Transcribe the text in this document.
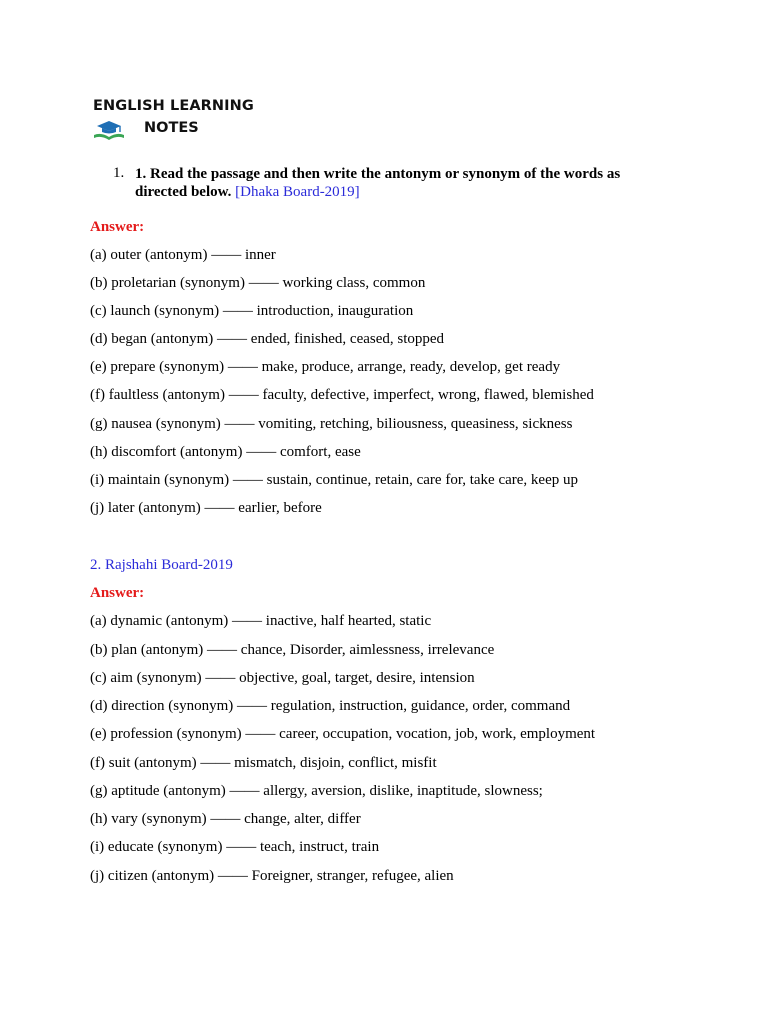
ENGLISH LEARNING
NOTES
1. 1. Read the passage and then write the antonym or synonym of the words as directed below. [Dhaka Board-2019]
Answer:
(a) outer (antonym) —— inner
(b) proletarian (synonym) —— working class, common
(c) launch (synonym) —— introduction, inauguration
(d) began (antonym) —— ended, finished, ceased, stopped
(e) prepare (synonym) —— make, produce, arrange, ready, develop, get ready
(f) faultless (antonym) —— faculty, defective, imperfect, wrong, flawed, blemished
(g) nausea (synonym) —— vomiting, retching, biliousness, queasiness, sickness
(h) discomfort (antonym) —— comfort, ease
(i) maintain (synonym) —— sustain, continue, retain, care for, take care, keep up
(j) later (antonym) —— earlier, before
2. Rajshahi Board-2019
Answer:
(a) dynamic (antonym) —— inactive, half hearted, static
(b) plan (antonym) —— chance, Disorder, aimlessness, irrelevance
(c) aim (synonym) —— objective, goal, target, desire, intension
(d) direction (synonym) —— regulation, instruction, guidance, order, command
(e) profession (synonym) —— career, occupation, vocation, job, work, employment
(f) suit (antonym) —— mismatch, disjoin, conflict, misfit
(g) aptitude (antonym) —— allergy, aversion, dislike, inaptitude, slowness;
(h) vary (synonym) —— change, alter, differ
(i) educate (synonym) —— teach, instruct, train
(j) citizen (antonym) —— Foreigner, stranger, refugee, alien
